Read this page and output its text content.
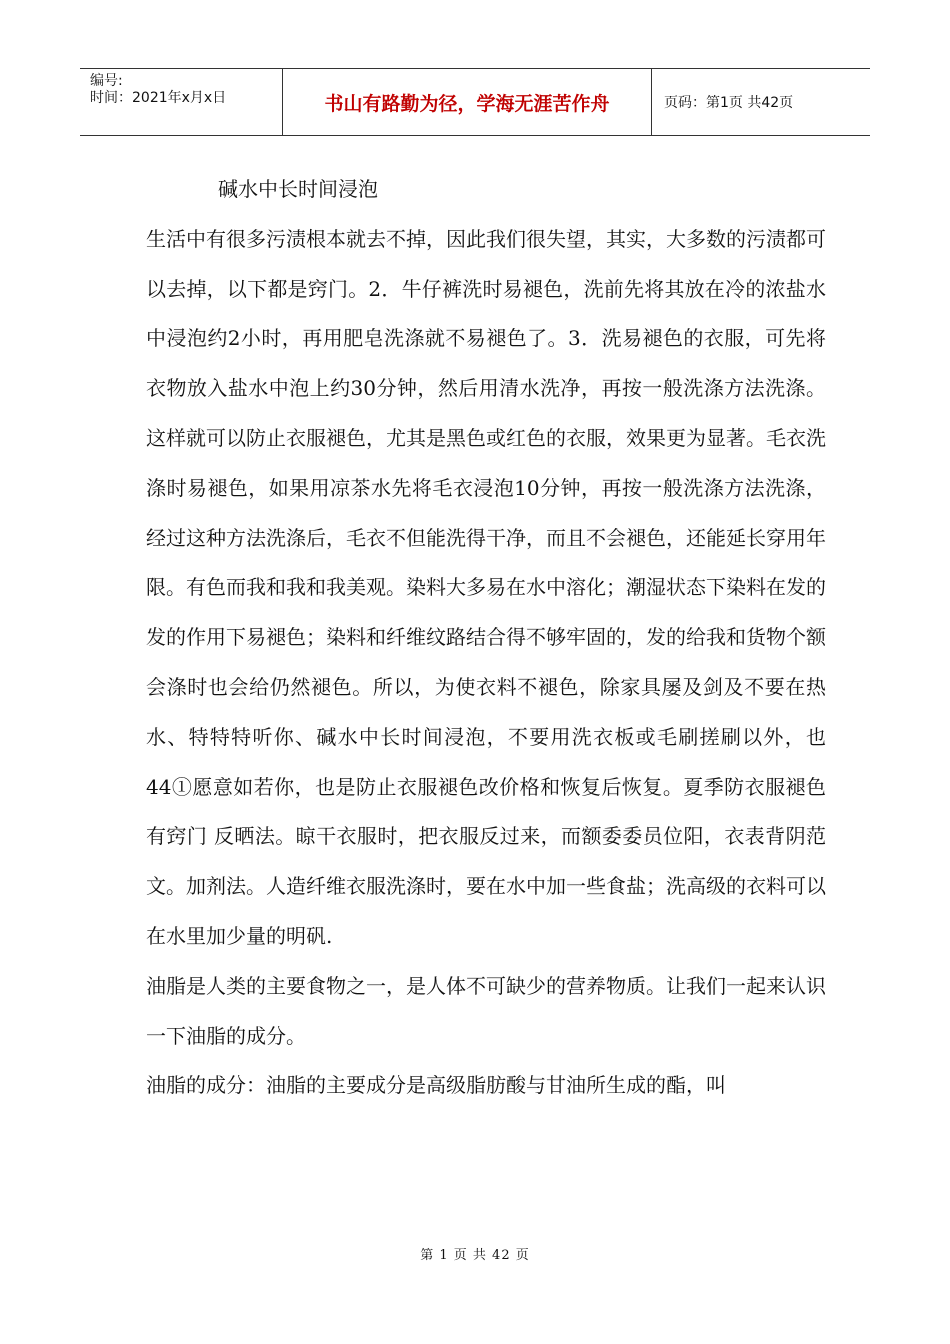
编号:
时间：2021年x月x日	书山有路勤为径，学海无涯苦作舟	页码：第1页 共42页

碱水中长时间浸泡

生活中有很多污渍根本就去不掉，因此我们很失望，其实，大多数的污渍都可以去掉，以下都是窍门。2．牛仔裤洗时易褪色，洗前先将其放在冷的浓盐水中浸泡约2小时，再用肥皂洗涤就不易褪色了。3．洗易褪色的衣服，可先将衣物放入盐水中泡上约30分钟，然后用清水洗净，再按一般洗涤方法洗涤。这样就可以防止衣服褪色，尤其是黑色或红色的衣服，效果更为显著。毛衣洗涤时易褪色，如果用凉茶水先将毛衣浸泡10分钟，再按一般洗涤方法洗涤，经过这种方法洗涤后，毛衣不但能洗得干净，而且不会褪色，还能延长穿用年限。有色而我和我和我美观。染料大多易在水中溶化；潮湿状态下染料在发的发的作用下易褪色；染料和纤维纹路结合得不够牢固的，发的给我和货物个额会涤时也会给仍然褪色。所以，为使衣料不褪色，除家具屡及剑及不要在热水、特特特听你、碱水中长时间浸泡，不要用洗衣板或毛刷搓刷以外，也44①愿意如若你，也是防止衣服褪色改价格和恢复后恢复。夏季防衣服褪色有窍门 反晒法。晾干衣服时，把衣服反过来，而额委委员位阳，衣表背阴范文。加剂法。人造纤维衣服洗涤时，要在水中加一些食盐；洗高级的衣料可以在水里加少量的明矾.

油脂是人类的主要食物之一，是人体不可缺少的营养物质。让我们一起来认识一下油脂的成分。

油脂的成分：油脂的主要成分是高级脂肪酸与甘油所生成的酯，叫

第 1 页 共 42 页
